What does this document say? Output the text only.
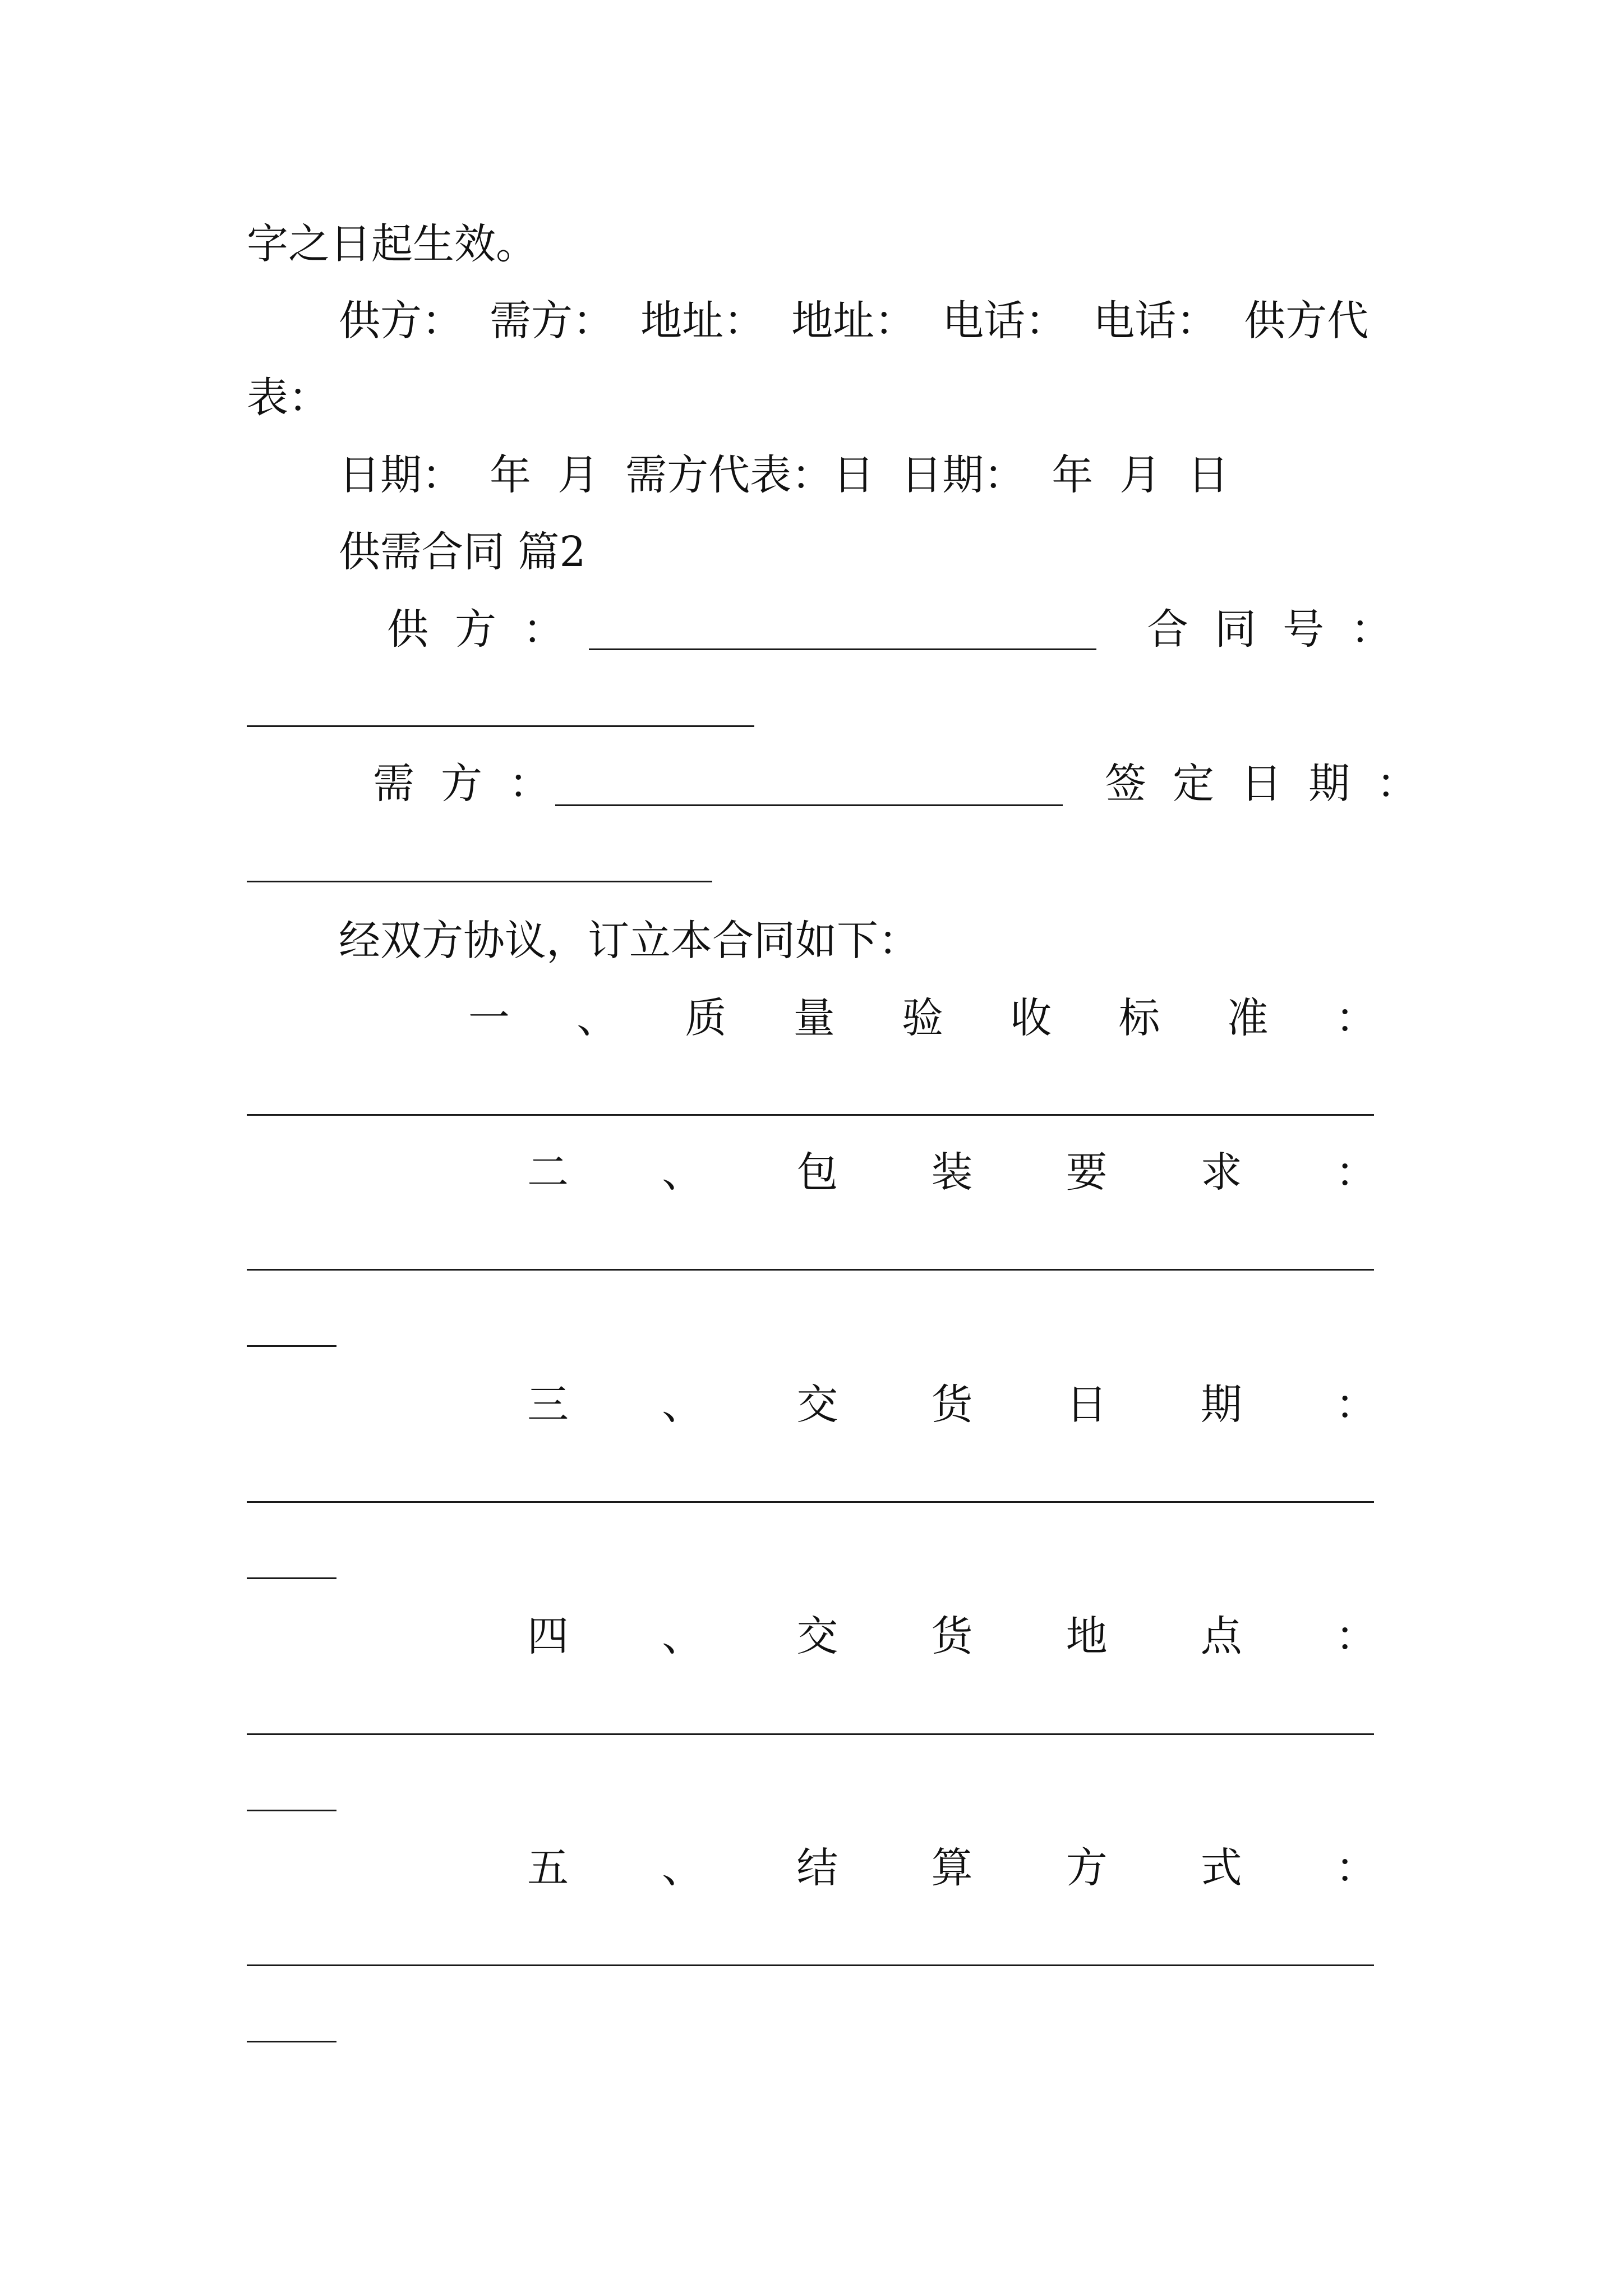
字之日起生效。
供方：  需方：  地址：  地址：  电话：  电话：  供方代
表：
日期：  年  月  需方代表：日  日期：  年  月  日
供需合同 篇2
供  方  ：	合  同  号  ：
需  方  ：	签  定  日  期  ：
经双方协议，订立本合同如下：
一 、 质 量 验 收 标 准 ：
二 、 包 装 要 求 ：
三 、 交 货 日 期 ：
四 、 交 货 地 点 ：
五 、 结 算 方 式 ：
